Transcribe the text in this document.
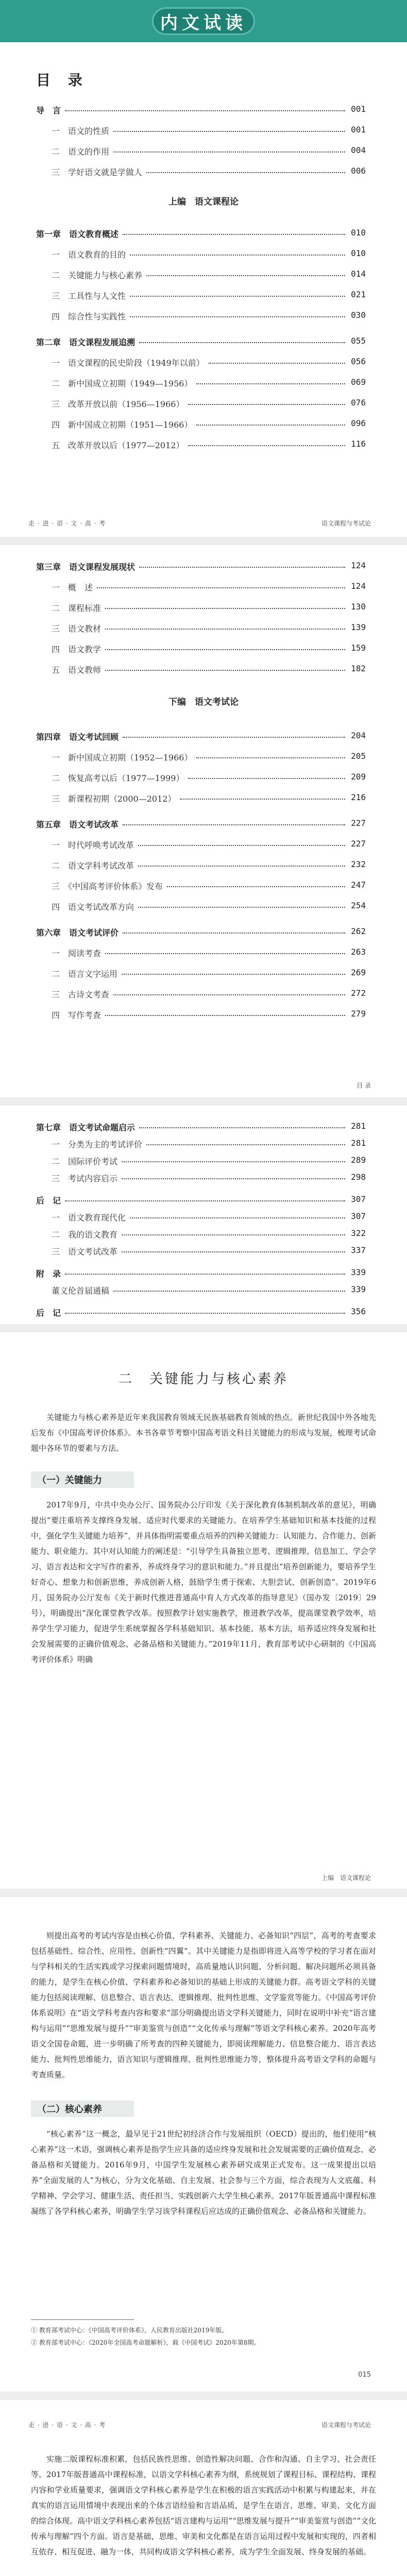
内文试读
目 录
导　言	001
一　语文的性质	001
二　语文的作用	004
三　学好语文就是学做人	006
上编　语文课程论
第一章　语文教育概述	010
一　语文教育的目的	010
二　关键能力与核心素养	014
三　工具性与人文性	021
四　综合性与实践性	030
第二章　语文课程发展追溯	055
一　语文课程的民史阶段（1949年以前）	056
二　新中国成立初期（1949—1956）	069
三　改革开放以前（1956—1966）	076
四　新中国成立初期（1951—1966）	096
五　改革开放以后（1977—2012）	116
走 · 进 · 语 · 文 · 高 · 考	语文课程与考试论
第三章　语文课程发展现状	124
一　概　述	124
二　课程标准	130
三　语文教材	139
四　语文教学	159
五　语文教师	182
下编　语文考试论
第四章　语文考试回顾	204
一　新中国成立初期（1952—1966）	205
二　恢复高考以后（1977—1999）	209
三　新课程初期（2000—2012）	216
第五章　语文考试改革	227
一　时代呼唤考试改革	227
二　语文学科考试改革	232
三　《中国高考评价体系》发布	247
四　语文考试改革方向	254
第六章　语文考试评价	262
一　阅读考查	263
二　语言文字运用	269
三　古诗文考查	272
四　写作考查	279
目 录
第七章　语文考试命题启示	281
一　分类为主的考试评价	281
二　国际评价考试	289
三　考试内容启示	298
后　记	307
一　语文教育现代化	307
二　我的语文教育	322
三　语文考试改革	337
附　录	339
董义伦首届通稿	339
后　记	356
二　关键能力与核心素养

关键能力与核心素养是近年来我国教育领域无民族基础教育领域的热点。新世纪我国中外各地先后发布《中国高考评价体系》。本书各章节考察中国高考语文科目关键能力的形成与发展，梳理考试命题中各环节的要素与方法。

（一）关键能力

2017年9月，中共中央办公厅、国务院办公厅印发《关于深化教育体制机制改革的意见》，明确提出“要注重培养支撑终身发展、适应时代要求的关键能力。在培养学生基础知识和基本技能的过程中，强化学生关键能力培养”，并具体指明需要重点培养的四种关键能力：认知能力、合作能力、创新能力、职业能力。其中对认知能力的阐述是：“引导学生具备独立思考、逻辑推理、信息加工、学会学习、语言表达和文字写作的素养，养成终身学习的意识和能力。”并且提出“培养创新能力，要培养学生好奇心、想象力和创新思维，养成创新人格，鼓励学生勇于探索、大胆尝试、创新创造”。2019年6月，国务院办公厅发布《关于新时代推进普通高中育人方式改革的指导意见》（国办发〔2019〕29号），明确提出“深化课堂教学改革。按照教学计划实施教学，推进教学改革，提高课堂教学效率，培养学生学习能力，促进学生系统掌握各学科基础知识、基本技能、基本方法，培养适应终身发展和社会发展需要的正确价值观念、必备品格和关键能力。”2019年11月，教育部考试中心研制的《中国高考评价体系》明确

上编　语文课程论

则提出高考的考试内容是由核心价值、学科素养、关键能力、必备知识“四层”，高考的考查要求包括基础性、综合性、应用性、创新性“四翼”。其中关键能力是指即将进入高等学校的学习者在面对与学科相关的生活实践或学习探索问题情境时，高质量地认识问题、分析问题、解决问题所必须具备的能力，是学生在核心价值、学科素养和必备知识的基础上形成的关键能力群。高考语文学科的关键能力包括阅读理解、信息整合、语言表达、逻辑推理、批判性思维、文学鉴赏等能力。《中国高考评价体系说明》在“语文学科考查内容和要求”部分明确提出语文学科关键能力，同时在说明中补充“语言建构与运用”“思维发展与提升”“审美鉴赏与创造”“文化传承与理解”等语文学科核心素养。2020年高考语文全国卷命题，进一步明确了所考查的四种关键能力，即阅读理解能力、信息整合能力、语言表达能力、批判性思维能力，语言知识与逻辑推理、批判性思维能力等，整体提升高考语文学科的命题与考查质量。

（二）核心素养

“核心素养”这一概念，最早见于21世纪初经济合作与发展组织（OECD）提出的，他们使用“核心素养”这一术语，强调核心素养是指学生应具备的适应终身发展和社会发展需要的正确价值观念、必备品格和关键能力。2016年9月，中国学生发展核心素养研究成果正式发布。这一成果提出以培养“全面发展的人”为核心，分为文化基础、自主发展、社会参与三个方面，综合表现为人文底蕴、科学精神、学会学习、健康生活、责任担当、实践创新六大学生核心素养。2017年版普通高中课程标准凝练了各学科核心素养，明确学生学习该学科课程后应达成的正确价值观念、必备品格和关键能力。

① 教育部考试中心：《中国高考评价体系》，人民教育出版社2019年版。
② 教育部考试中心：《2020年全国高考命题解析》，载《中国考试》2020年第8期。
015
走 · 进 · 语 · 文 · 高 · 考	语文课程与考试论

实施二版课程标准积累，包括民族性思维、创造性解决问题、合作和沟通、自主学习、社会责任等。2017年版普通高中课程标准，以语文学科核心素养为纲，系统规划了课程目标、课程结构、课程内容和学业质量要求，强调语文学科核心素养是学生在积极的语言实践活动中积累与构建起来，并在真实的语言运用情境中表现出来的个体言语经验和言语品质，是学生在语言、思维、审美、文化方面的综合体现。高中语文学科核心素养包括“语言建构与运用”“思维发展与提升”“审美鉴赏与创造”“文化传承与理解”四个方面。语言是基础，思维、审美和文化都是在语言运用过程中发展和实现的，四者相互依存、相互促进、融为一体，共同构成语文学科核心素养，成为学生全面发展、终身发展的基础。
